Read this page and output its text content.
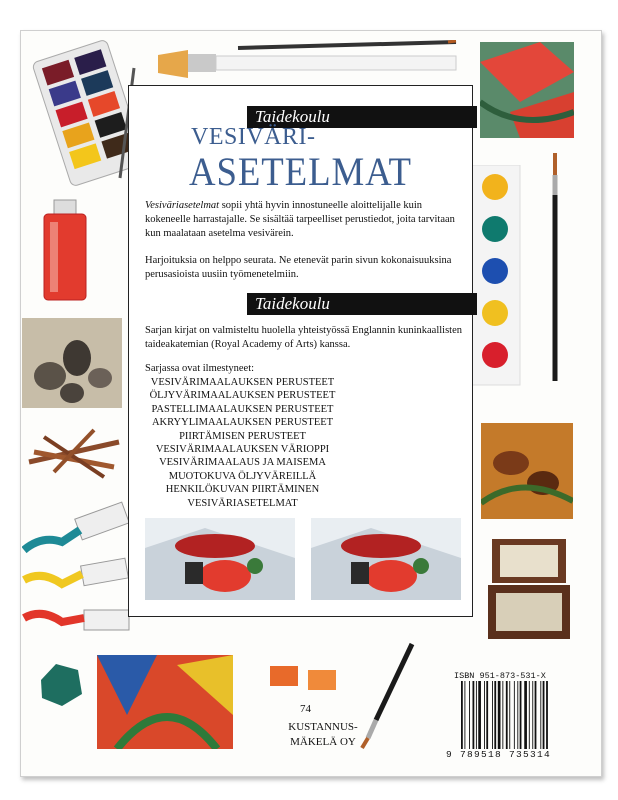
Taidekoulu
VESIVÄRI-
ASETELMAT
Vesiväriasetelmat sopii yhtä hyvin innostuneelle aloittelijalle kuin kokeneelle harrastajalle. Se sisältää tarpeelliset perustiedot, joita tarvitaan kun maalataan asetelma vesivärein.
Harjoituksia on helppo seurata. Ne etenevät parin sivun kokonaisuuksina perusasioista uusiin työmenetelmiin.
Taidekoulu
Sarjan kirjat on valmisteltu huolella yhteistyössä Englannin kuninkaallisten taideakatemian (Royal Academy of Arts) kanssa.
Sarjassa ovat ilmestyneet:
VESIVÄRIMAALAUKSEN PERUSTEET
ÖLJYVÄRIMAALAUKSEN PERUSTEET
PASTELLIMAALAUKSEN PERUSTEET
AKRYYLIMAALAUKSEN PERUSTEET
PIIRTÄMISEN PERUSTEET
VESIVÄRIMAALAUKSEN VÄRIOPPI
VESIVÄRIMAALAUS JA MAISEMA
MUOTOKUVA ÖLJYVÄREILLÄ
HENKILÖKUVAN PIIRTÄMINEN
VESIVÄRIASETELMAT
74
KUSTANNUS-
MÄKELÄ OY
ISBN 951-873-531-X
9 789518 735314
